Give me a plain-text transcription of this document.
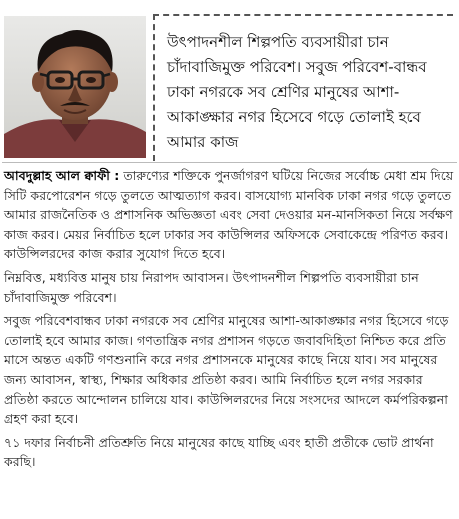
উৎপাদনশীল শিল্পপতি ব্যবসায়ীরা চান চাঁদাবাজিমুক্ত পরিবেশ। সবুজ পরিবেশ-বান্ধব ঢাকা নগরকে সব শ্রেণির মানুষের আশা-আকাঙ্ক্ষার নগর হিসেবে গড়ে তোলাই হবে আমার কাজ

আবদুল্লাহ আল ক্বাফী : তারুণ্যের শক্তিকে পুনর্জাগরণ ঘটিয়ে নিজের সর্বোচ্চ মেধা শ্রম দিয়ে সিটি করপোরেশন গড়ে তুলতে আত্মত্যাগ করব। বাসযোগ্য মানবিক ঢাকা নগর গড়ে তুলতে আমার রাজনৈতিক ও প্রশাসনিক অভিজ্ঞতা এবং সেবা দেওয়ার মন-মানসিকতা নিয়ে সর্বক্ষণ কাজ করব। মেয়র নির্বাচিত হলে ঢাকার সব কাউন্সিলর অফিসকে সেবাকেন্দ্রে পরিণত করব। কাউন্সিলরদের কাজ করার সুযোগ দিতে হবে।

নিম্নবিত্ত, মধ্যবিত্ত মানুষ চায় নিরাপদ আবাসন। উৎপাদনশীল শিল্পপতি ব্যবসায়ীরা চান চাঁদাবাজিমুক্ত পরিবেশ।

সবুজ পরিবেশবান্ধব ঢাকা নগরকে সব শ্রেণির মানুষের আশা-আকাঙ্ক্ষার নগর হিসেবে গড়ে তোলাই হবে আমার কাজ। গণতান্ত্রিক নগর প্রশাসন গড়তে জবাবদিহিতা নিশ্চিত করে প্রতি মাসে অন্তত একটি গণশুনানি করে নগর প্রশাসনকে মানুষের কাছে নিয়ে যাব। সব মানুষের জন্য আবাসন, স্বাস্থ্য, শিক্ষার অধিকার প্রতিষ্ঠা করব। আমি নির্বাচিত হলে নগর সরকার প্রতিষ্ঠা করতে আন্দোলন চালিয়ে যাব। কাউন্সিলরদের নিয়ে সংসদের আদলে কর্মপরিকল্পনা গ্রহণ করা হবে।

৭১ দফার নির্বাচনী প্রতিশ্রুতি নিয়ে মানুষের কাছে যাচ্ছি এবং হাতী প্রতীকে ভোট প্রার্থনা করছি।
